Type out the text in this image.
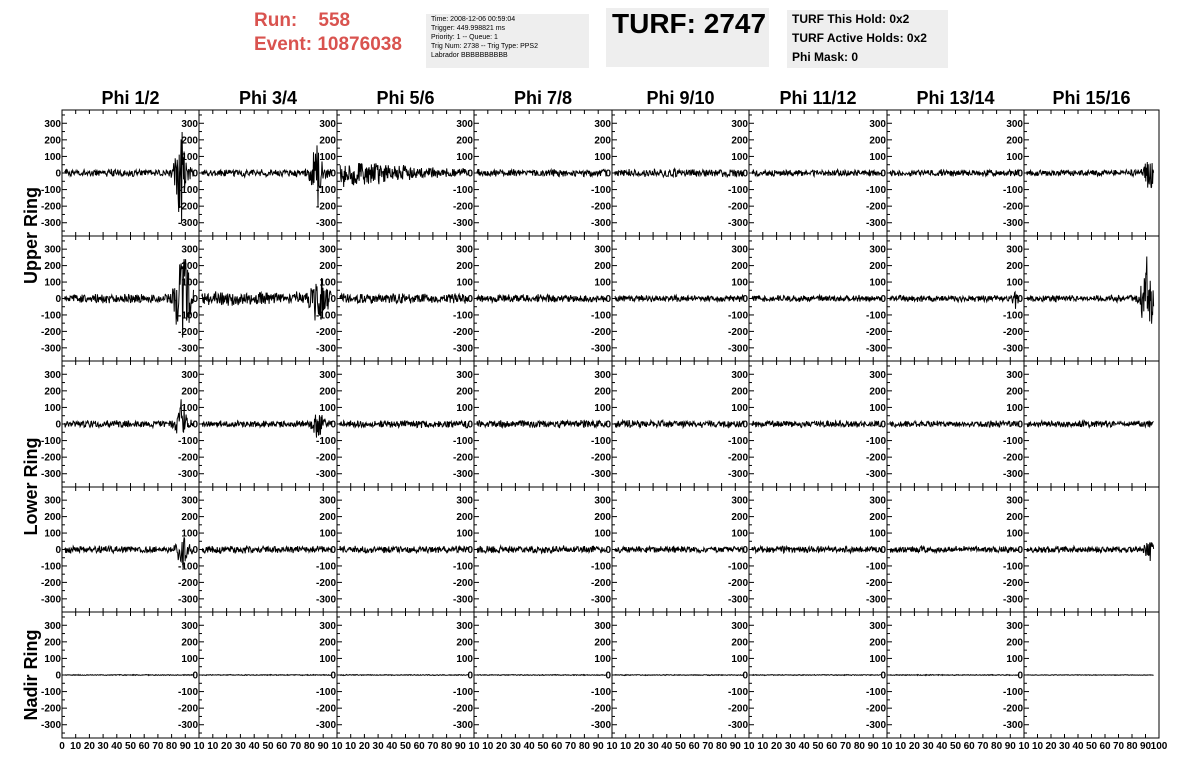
Run: 558
Event: 10876038
Time: 2008-12-06 00:59:04
Trigger: 449.998821 ms
Priority: 1 -- Queue: 1
Trig Num: 2738 -- Trig Type: PPS2
Labrador BBBBBBBBBB
TURF: 2747 TURF This Hold: 0x2
TURF Active Holds: 0x2
Phi Mask: 0
Phi 1/2	Phi 3/4	Phi 5/6	Phi 7/8	Phi 9/10	Phi 11/12	Phi 13/14	Phi 15/16
Upper Ring
Lower Ring
Nadir Ring
300
200
100
0
-100
-200
-300
300
200
100
0
-100
-200
-300
300
200
100
0
-100
-200
-300
300
200
100
0
-100
-200
-300
300
200
100
0
-100
-200
-300
300
200
100
0
-100
-200
-300
300
200
100
0
-100
-200
-300
300
200
100
0
-100
-200
-300
300
200
100
0
-100
-200
-300
300
200
100
0
-100
-200
-300
300
200
100
0
-100
-200
-300
300
200
100
0
-100
-200
-300
300
200
100
0
-100
-200
-300
300
200
100
0
-100
-200
-300
300
200
100
0
-100
-200
-300
300
200
100
0
-100
-200
-300
300
200
100
0
-100
-200
-300
300
200
100
0
-100
-200
-300
300
200
100
0
-100
-200
-300
300
200
100
0
-100
-200
-300
300
200
100
0
-100
-200
-300
300
200
100
0
-100
-200
-300
300
200
100
0
-100
-200
-300
300
200
100
0
-100
-200
-300
300
200
100
0
-100
-200
-300
300
200
100
0
-100
-200
-300
300
200
100
0
-100
-200
-300
300
200
100
0
-100
-200
-300
300
200
100
0
-100
-200
-300
300
200
100
0
-100
-200
-300
300
200
100
0
-100
-200
-300
300
200
100
0
-100
-200
-300
300
200
100
0
-100
-200
-300
300
200
100
0
-100
-200
-300
300
200
100
0
-100
-200
-300
300
200
100
0
-100
-200
-300
300
200
100
0
-100
-200
-300
300
200
100
0
-100
-200
-300
300
200
100
0
-100
-200
-300
300
200
100
0
-100
-200
-300
0 10 20 30 40 50 60 70 80 90 10 10 20 30 40 50 60 70 80 90 10 10 20 30 40 50 60 70 80 90 10 10 20 30 40 50 60 70 80 90 10 10 20 30 40 50 60 70 80 90 10 10 20 30 40 50 60 70 80 90 10 10 20 30 40 50 60 70 80 90 10 10 20 30 40 50 60 70 80 90 100
